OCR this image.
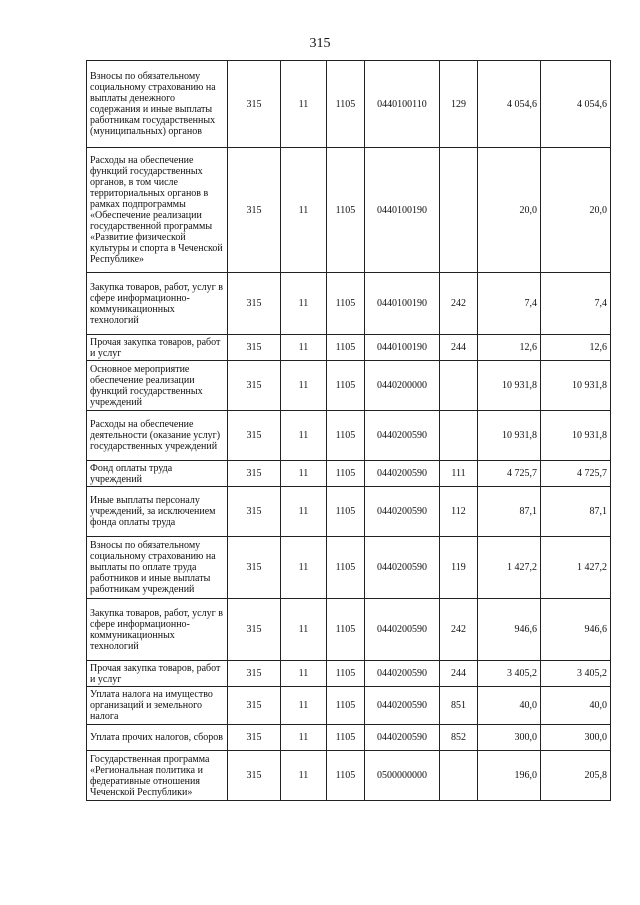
315
Взносы по обязательному социальному страхованию на выплаты денежного содержания и иные выплаты работникам государственных (муниципальных) органов	315	11	1105	0440100110	129	4 054,6	4 054,6
Расходы на обеспечение функций государственных органов, в том числе территориальных органов в рамках подпрограммы «Обеспечение реализации государственной программы «Развитие физической культуры и спорта в Чеченской Республике»	315	11	1105	0440100190		20,0	20,0
Закупка товаров, работ, услуг в сфере информационно-коммуникационных технологий	315	11	1105	0440100190	242	7,4	7,4
Прочая закупка товаров, работ и услуг	315	11	1105	0440100190	244	12,6	12,6
Основное мероприятие обеспечение реализации функций государственных учреждений	315	11	1105	0440200000		10 931,8	10 931,8
Расходы на обеспечение деятельности (оказание услуг) государственных учреждений	315	11	1105	0440200590		10 931,8	10 931,8
Фонд оплаты труда учреждений	315	11	1105	0440200590	111	4 725,7	4 725,7
Иные выплаты персоналу учреждений, за исключением фонда оплаты труда	315	11	1105	0440200590	112	87,1	87,1
Взносы по обязательному социальному страхованию на выплаты по оплате труда работников и иные выплаты работникам учреждений	315	11	1105	0440200590	119	1 427,2	1 427,2
Закупка товаров, работ, услуг в сфере информационно-коммуникационных технологий	315	11	1105	0440200590	242	946,6	946,6
Прочая закупка товаров, работ и услуг	315	11	1105	0440200590	244	3 405,2	3 405,2
Уплата налога на имущество организаций и земельного налога	315	11	1105	0440200590	851	40,0	40,0
Уплата прочих налогов, сборов	315	11	1105	0440200590	852	300,0	300,0
Государственная программа «Региональная политика и федеративные отношения Чеченской Республики»	315	11	1105	0500000000		196,0	205,8
